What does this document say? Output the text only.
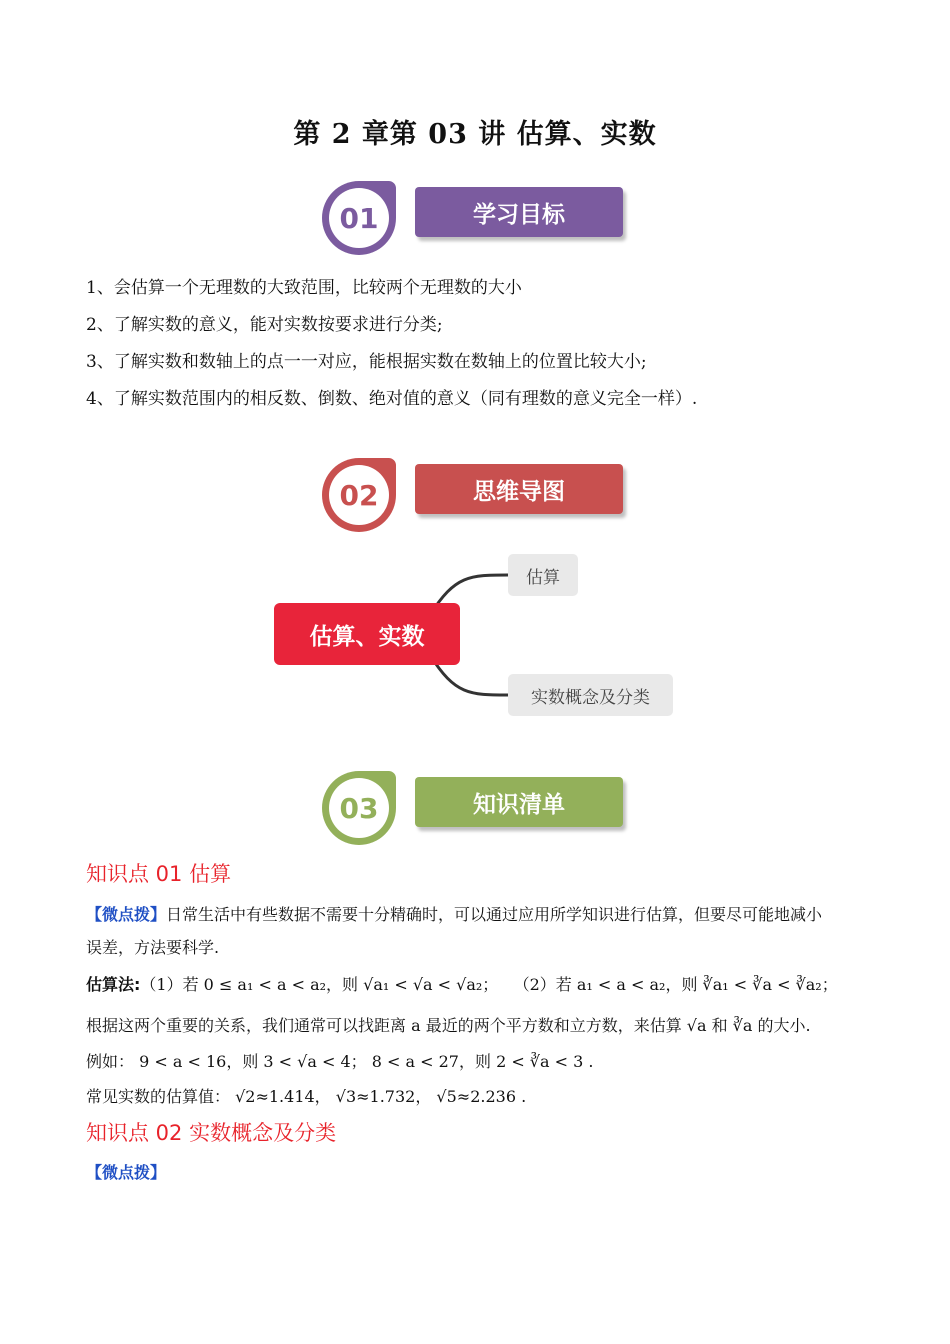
第 2 章第 03 讲 估算、实数
01	学习目标
1、会估算一个无理数的大致范围，比较两个无理数的大小
2、了解实数的意义，能对实数按要求进行分类;
3、了解实数和数轴上的点一一对应，能根据实数在数轴上的位置比较大小;
4、了解实数范围内的相反数、倒数、绝对值的意义（同有理数的意义完全一样）.
02	思维导图
估算、实数
估算
实数概念及分类
03	知识清单
知识点 01 估算
【微点拨】日常生活中有些数据不需要十分精确时，可以通过应用所学知识进行估算，但要尽可能地减小
误差，方法要科学.
估算法:（1）若 0 ≤ a₁ < a < a₂，则 √a₁ < √a < √a₂； （2）若 a₁ < a < a₂，则 ∛a₁ < ∛a < ∛a₂；
根据这两个重要的关系，我们通常可以找距离 a 最近的两个平方数和立方数，来估算 √a 和 ∛a 的大小.
例如： 9 < a < 16，则 3 < √a < 4； 8 < a < 27，则 2 < ∛a < 3 .
常见实数的估算值： √2≈1.414， √3≈1.732， √5≈2.236 .
知识点 02 实数概念及分类
【微点拨】
